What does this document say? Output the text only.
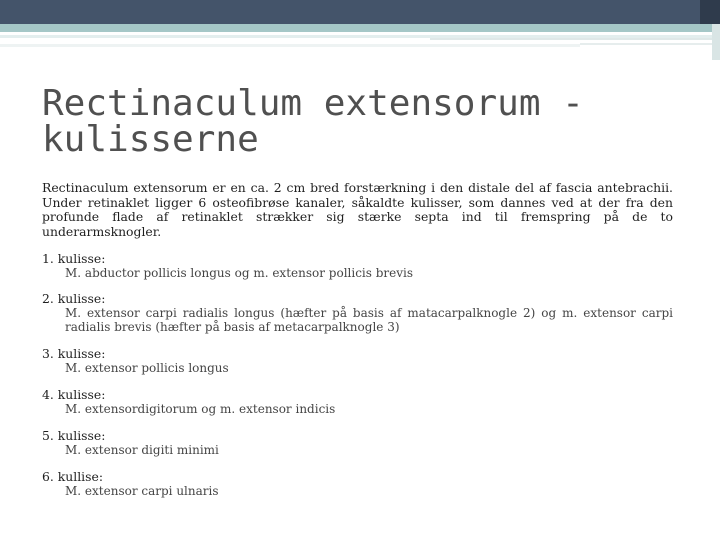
Rectinaculum extensorum -
kulisserne

Rectinaculum extensorum er en ca. 2 cm bred forstærkning i den distale del af fascia antebrachii. Under retinaklet ligger 6 osteofibrøse kanaler, såkaldte kulisser, som dannes ved at der fra den profunde flade af retinaklet strækker sig stærke septa ind til fremspring på de to underarmsknogler.

1. kulisse:
M. abductor pollicis longus og m. extensor pollicis brevis
2. kulisse:
M. extensor carpi radialis longus (hæfter på basis af matacarpalknogle 2) og m. extensor carpi radialis brevis (hæfter på basis af metacarpalknogle 3)
3. kulisse:
M. extensor pollicis longus
4. kulisse:
M. extensordigitorum og m. extensor indicis
5. kulisse:
M. extensor digiti minimi
6. kullise:
M. extensor carpi ulnaris
